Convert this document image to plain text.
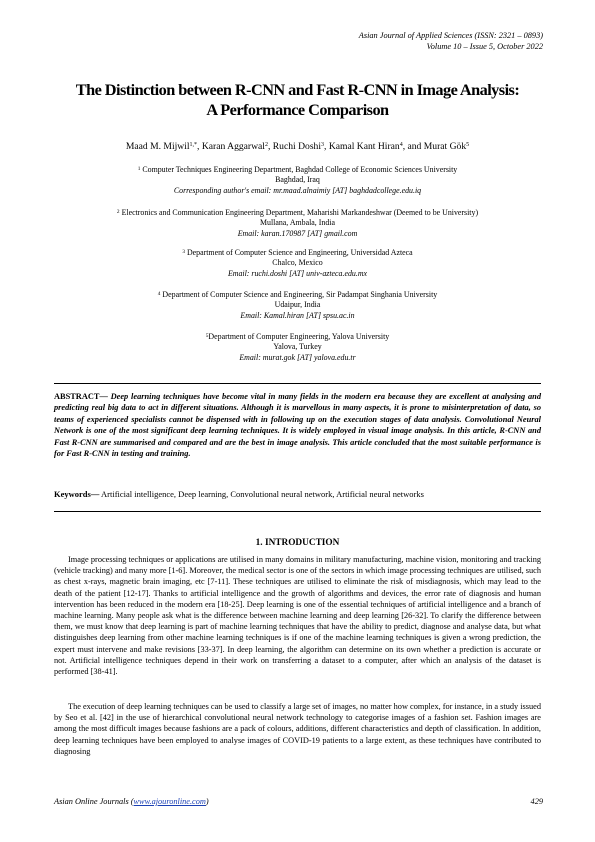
Asian Journal of Applied Sciences (ISSN: 2321 – 0893)
Volume 10 – Issue 5, October 2022
The Distinction between R-CNN and Fast R-CNN in Image Analysis:
A Performance Comparison
Maad M. Mijwil$^{1,*}$, Karan Aggarwal$^2$, Ruchi Doshi$^3$, Kamal Kant Hiran$^4$, and Murat Gök$^5$
$^1$ Computer Techniques Engineering Department, Baghdad College of Economic Sciences University
Baghdad, Iraq
Corresponding author's email: mr.maad.alnaimiy [AT] baghdadcollege.edu.iq
$^2$ Electronics and Communication Engineering Department, Maharishi Markandeshwar (Deemed to be University)
Mullana, Ambala, India
Email: karan.170987 [AT] gmail.com
$^3$ Department of Computer Science and Engineering, Universidad Azteca
Chalco, Mexico
Email: ruchi.doshi [AT] univ-azteca.edu.mx
$^4$ Department of Computer Science and Engineering, Sir Padampat Singhania University
Udaipur, India
Email: Kamal.hiran [AT] spsu.ac.in
$^5$Department of Computer Engineering, Yalova University
Yalova, Turkey
Email: murat.gok [AT] yalova.edu.tr
ABSTRACT— Deep learning techniques have become vital in many fields in the modern era because they are excellent at analysing and predicting real big data to act in different situations. Although it is marvellous in many aspects, it is prone to misinterpretation of data, so teams of experienced specialists cannot be dispensed with in following up on the execution stages of data analysis. Convolutional Neural Network is one of the most significant deep learning techniques. It is widely employed in visual image analysis. In this article, R-CNN and Fast R-CNN are summarised and compared and are the best in image analysis. This article concluded that the most suitable performance is for Fast R-CNN in testing and training.
Keywords— Artificial intelligence, Deep learning, Convolutional neural network, Artificial neural networks
1. INTRODUCTION
Image processing techniques or applications are utilised in many domains in military manufacturing, machine vision, monitoring and tracking (vehicle tracking) and many more [1-6]. Moreover, the medical sector is one of the sectors in which image processing techniques are utilised, such as chest x-rays, magnetic brain imaging, etc [7-11]. These techniques are utilised to eliminate the risk of misdiagnosis, which may lead to the death of the patient [12-17]. Thanks to artificial intelligence and the growth of algorithms and devices, the error rate of diagnosis and human intervention has been reduced in the modern era [18-25]. Deep learning is one of the essential techniques of artificial intelligence and a branch of machine learning. Many people ask what is the difference between machine learning and deep learning [26-32]. To clarify the difference between them, we must know that deep learning is part of machine learning techniques that have the ability to predict, diagnose and analyse data, but what distinguishes deep learning from other machine learning techniques is if one of the machine learning techniques is given a wrong prediction, the expert must intervene and make revisions [33-37]. In deep learning, the algorithm can determine on its own whether a prediction is accurate or not. Artificial intelligence techniques depend in their work on transferring a dataset to a computer, after which an analysis of the dataset is performed [38-41].
The execution of deep learning techniques can be used to classify a large set of images, no matter how complex, for instance, in a study issued by Seo et al. [42] in the use of hierarchical convolutional neural network technology to categorise images of a fashion set. Fashion images are among the most difficult images because fashions are a pack of colours, additions, different characteristics and depth of classification. In addition, deep learning techniques have been employed to analyse images of COVID-19 patients to a large extent, as these techniques have contributed to diagnosing
Asian Online Journals (www.ajouronline.com)	429
